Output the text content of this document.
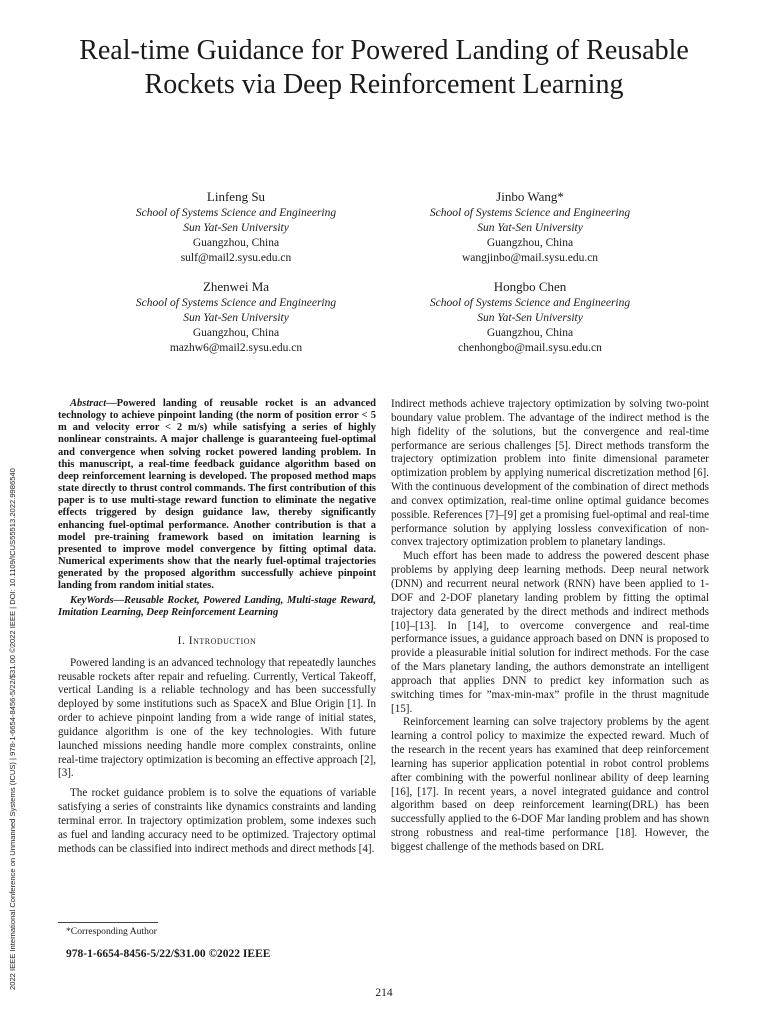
Real-time Guidance for Powered Landing of Reusable Rockets via Deep Reinforcement Learning
Linfeng Su
School of Systems Science and Engineering
Sun Yat-Sen University
Guangzhou, China
sulf@mail2.sysu.edu.cn
Jinbo Wang*
School of Systems Science and Engineering
Sun Yat-Sen University
Guangzhou, China
wangjinbo@mail.sysu.edu.cn
Zhenwei Ma
School of Systems Science and Engineering
Sun Yat-Sen University
Guangzhou, China
mazhw6@mail2.sysu.edu.cn
Hongbo Chen
School of Systems Science and Engineering
Sun Yat-Sen University
Guangzhou, China
chenhongbo@mail.sysu.edu.cn
2022 IEEE International Conference on Unmanned Systems (ICUS) | 978-1-6654-8456-5/22/$31.00 ©2022 IEEE | DOI: 10.1109/ICUS55513.2022.9986540

Abstract—Powered landing of reusable rocket is an advanced technology to achieve pinpoint landing (the norm of position error < 5 m and velocity error < 2 m/s) while satisfying a series of highly nonlinear constraints. A major challenge is guaranteeing fuel-optimal and convergence when solving rocket powered landing problem. In this manuscript, a real-time feedback guidance algorithm based on deep reinforcement learning is developed. The proposed method maps state directly to thrust control commands. The first contribution of this paper is to use multi-stage reward function to eliminate the negative effects triggered by design guidance law, thereby significantly enhancing fuel-optimal performance. Another contribution is that a model pre-training framework based on imitation learning is presented to improve model convergence by fitting optimal data. Numerical experiments show that the nearly fuel-optimal trajectories generated by the proposed algorithm successfully achieve pinpoint landing from random initial states.

KeyWords—Reusable Rocket, Powered Landing, Multi-stage Reward, Imitation Learning, Deep Reinforcement Learning

I. Introduction

Powered landing is an advanced technology that repeatedly launches reusable rockets after repair and refueling. Currently, Vertical Takeoff, vertical Landing is a reliable technology and has been successfully deployed by some institutions such as SpaceX and Blue Origin [1]. In order to achieve pinpoint landing from a wide range of initial states, guidance algorithm is one of the key technologies. With future launched missions needing handle more complex constraints, online real-time trajectory optimization is becoming an effective approach [2], [3].

The rocket guidance problem is to solve the equations of variable satisfying a series of constraints like dynamics constraints and landing terminal error. In trajectory optimization problem, some indexes such as fuel and landing accuracy need to be optimized. Trajectory optimal methods can be classified into indirect methods and direct methods [4].

Indirect methods achieve trajectory optimization by solving two-point boundary value problem. The advantage of the indirect method is the high fidelity of the solutions, but the convergence and real-time performance are serious challenges [5]. Direct methods transform the trajectory optimization problem into finite dimensional parameter optimization problem by applying numerical discretization method [6]. With the continuous development of the combination of direct methods and convex optimization, real-time online optimal guidance becomes possible. References [7]–[9] get a promising fuel-optimal and real-time performance solution by applying lossless convexification of non-convex trajectory optimization problem to planetary landings.

Much effort has been made to address the powered descent phase problems by applying deep learning methods. Deep neural network (DNN) and recurrent neural network (RNN) have been applied to 1-DOF and 2-DOF planetary landing problem by fitting the optimal trajectory data generated by the direct methods and indirect methods [10]–[13]. In [14], to overcome convergence and real-time performance issues, a guidance approach based on DNN is proposed to provide a pleasurable initial solution for indirect methods. For the case of the Mars planetary landing, the authors demonstrate an intelligent approach that applies DNN to predict key information such as switching times for ”max-min-max” profile in the thrust magnitude [15].

Reinforcement learning can solve trajectory problems by the agent learning a control policy to maximize the expected reward. Much of the research in the recent years has examined that deep reinforcement learning has superior application potential in robot control problems after combining with the powerful nonlinear ability of deep learning [16], [17]. In recent years, a novel integrated guidance and control algorithm based on deep reinforcement learning(DRL) has been successfully applied to the 6-DOF Mar landing problem and has shown strong robustness and real-time performance [18]. However, the biggest challenge of the methods based on DRL

*Corresponding Author
978-1-6654-8456-5/22/$31.00 ©2022 IEEE
214
